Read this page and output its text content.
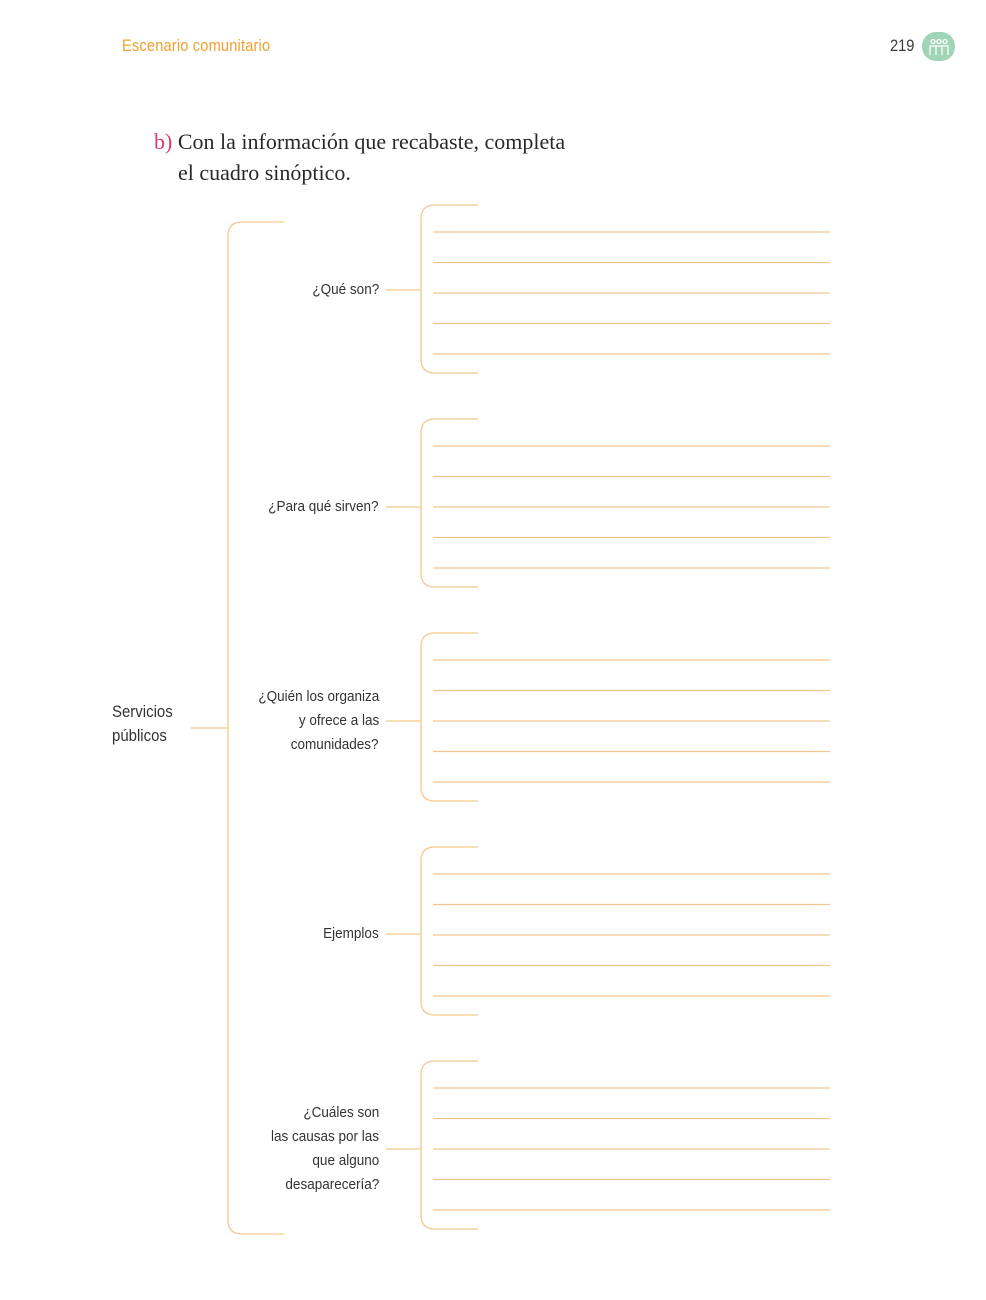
Escenario comunitario	219
b) Con la información que recabaste, completa
el cuadro sinóptico.
Servicios
públicos
¿Qué son?
¿Para qué sirven?
¿Quién los organiza
y ofrece a las
comunidades?
Ejemplos
¿Cuáles son
las causas por las
que alguno
desaparecería?
